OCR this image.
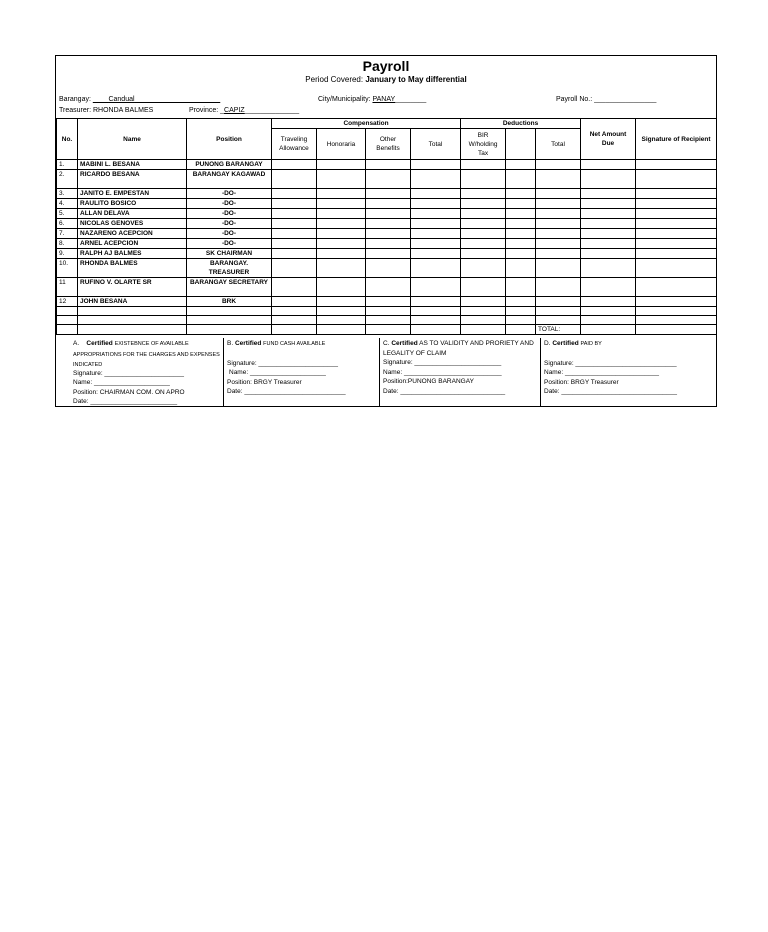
Payroll
Period Covered: January to May differential
Barangay: ____Candual______________________
Treasurer: RHONDA BALMES	Province: _CAPIZ______________
City/Municipality: PANAY________	Payroll No.: ________________
No.	Name	Position	Compensation				Deductions			Net Amount Due	Signature of Recipient
			Traveling Allowance	Honoraria	Other Benefits	Total	BIR W/holding Tax		Total		
1.	MABINI L. BESANA	PUNONG BARANGAY									
2.	RICARDO BESANA	BARANGAY KAGAWAD									
3.	JANITO E. EMPESTAN	-DO-									
4.	RAULITO BOSICO	-DO-									
5.	ALLAN DELAVA	-DO-									
6.	NICOLAS GENOVES	-DO-									
7.	NAZARENO ACEPCION	-DO-									
8.	ARNEL ACEPCION	-DO-									
9.	RALPH AJ BALMES	SK CHAIRMAN									
10.	RHONDA BALMES	BARANGAY. TREASURER									
11	RUFINO V. OLARTE SR	BARANGAY SECRETARY									
12	JOHN BESANA	BRK									

									TOTAL:		
A. Certified EXISTEBNCE OF AVAILABLE APPROPRIATIONS FOR THE CHARGES AND EXPENSES INDICATED
Signature: ______________________
Name: _____________________
Position: CHAIRMAN COM. ON APRO
Date: ________________________
B. Certified FUND CASH AVAILABLE
Signature: ______________________
Name: _____________________
Position: BRGY Treasurer
Date: ____________________________
C. Certified AS TO VALIDITY AND PRORIETY AND LEGALITY OF CLAIM
Signature: ________________________
Name: ___________________________
Position:PUNONG BARANGAY
Date: _____________________________
D. Certified PAID BY
Signature: ____________________________
Name: __________________________
Position: BRGY Treasurer
Date: ________________________________
